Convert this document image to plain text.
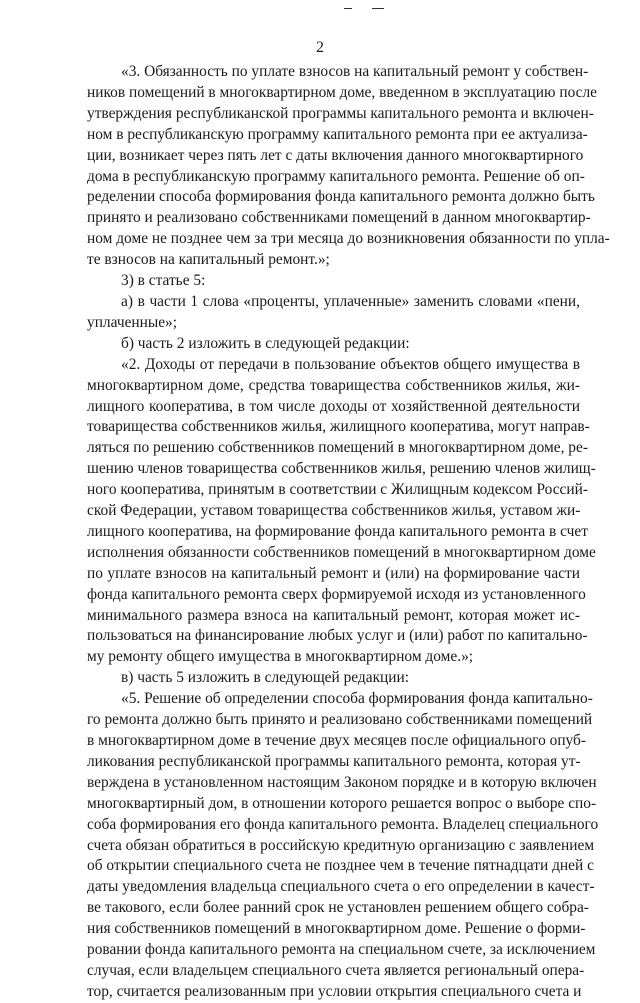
2
«3. Обязанность по уплате взносов на капитальный ремонт у собствен-
ников помещений в многоквартирном доме, введенном в эксплуатацию после
утверждения республиканской программы капитального ремонта и включен-
ном в республиканскую программу капитального ремонта при ее актуализа-
ции, возникает через пять лет с даты включения данного многоквартирного
дома в республиканскую программу капитального ремонта. Решение об оп-
ределении способа формирования фонда капитального ремонта должно быть
принято и реализовано собственниками помещений в данном многоквартир-
ном доме не позднее чем за три месяца до возникновения обязанности по упла-
те взносов на капитальный ремонт.»;
3) в статье 5:
а) в части 1 слова «проценты, уплаченные» заменить словами «пени,
уплаченные»;
б) часть 2 изложить в следующей редакции:
«2. Доходы от передачи в пользование объектов общего имущества в
многоквартирном доме, средства товарищества собственников жилья, жи-
лищного кооператива, в том числе доходы от хозяйственной деятельности
товарищества собственников жилья, жилищного кооператива, могут направ-
ляться по решению собственников помещений в многоквартирном доме, ре-
шению членов товарищества собственников жилья, решению членов жилищ-
ного кооператива, принятым в соответствии с Жилищным кодексом Россий-
ской Федерации, уставом товарищества собственников жилья, уставом жи-
лищного кооператива, на формирование фонда капитального ремонта в счет
исполнения обязанности собственников помещений в многоквартирном доме
по уплате взносов на капитальный ремонт и (или) на формирование части
фонда капитального ремонта сверх формируемой исходя из установленного
минимального размера взноса на капитальный ремонт, которая может ис-
пользоваться на финансирование любых услуг и (или) работ по капитально-
му ремонту общего имущества в многоквартирном доме.»;
в) часть 5 изложить в следующей редакции:
«5. Решение об определении способа формирования фонда капитально-
го ремонта должно быть принято и реализовано собственниками помещений
в многоквартирном доме в течение двух месяцев после официального опуб-
ликования республиканской программы капитального ремонта, которая ут-
верждена в установленном настоящим Законом порядке и в которую включен
многоквартирный дом, в отношении которого решается вопрос о выборе спо-
соба формирования его фонда капитального ремонта. Владелец специального
счета обязан обратиться в российскую кредитную организацию с заявлением
об открытии специального счета не позднее чем в течение пятнадцати дней с
даты уведомления владельца специального счета о его определении в качест-
ве такового, если более ранний срок не установлен решением общего собра-
ния собственников помещений в многоквартирном доме. Решение о форми-
ровании фонда капитального ремонта на специальном счете, за исключением
случая, если владельцем специального счета является региональный опера-
тор, считается реализованным при условии открытия специального счета и
